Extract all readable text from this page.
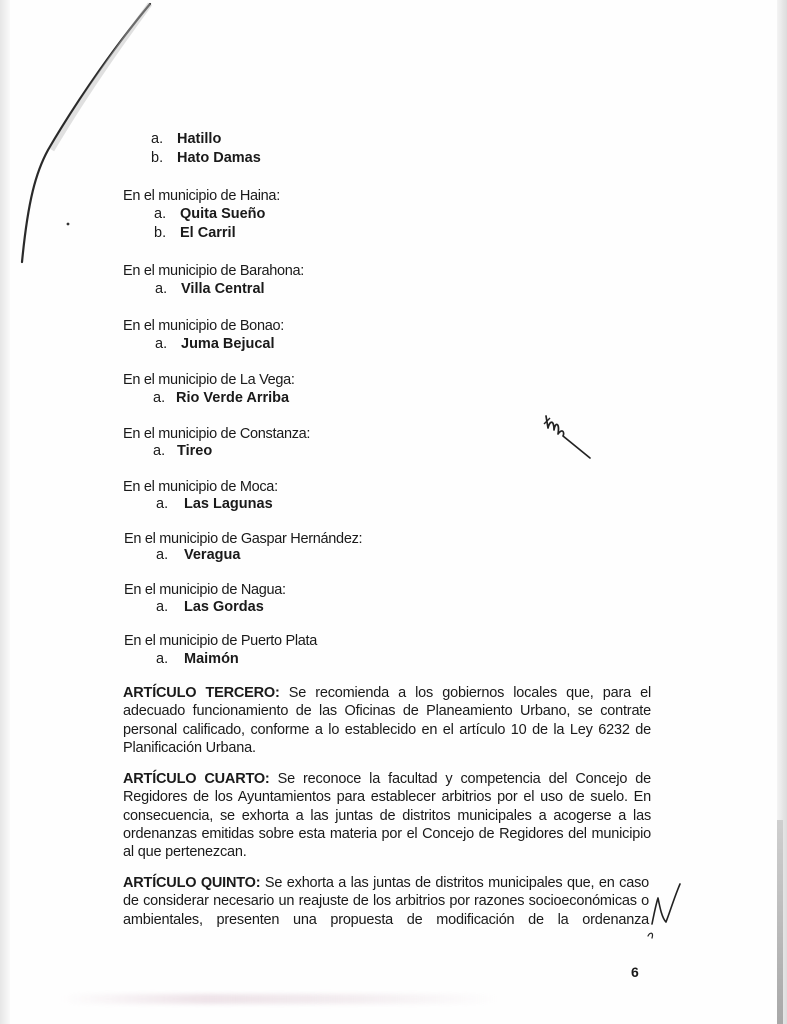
a. Hatillo
b. Hato Damas
En el municipio de Haina:
a. Quita Sueño
b. El Carril
En el municipio de Barahona:
a. Villa Central
En el municipio de Bonao:
a. Juma Bejucal
En el municipio de La Vega:
a. Rio Verde Arriba
En el municipio de Constanza:
a. Tireo
En el municipio de Moca:
a. Las Lagunas
En el municipio de Gaspar Hernández:
a. Veragua
En el municipio de Nagua:
a. Las Gordas
En el municipio de Puerto Plata
a. Maimón
ARTÍCULO TERCERO: Se recomienda a los gobiernos locales que, para el adecuado funcionamiento de las Oficinas de Planeamiento Urbano, se contrate personal calificado, conforme a lo establecido en el artículo 10 de la Ley 6232 de Planificación Urbana.
ARTÍCULO CUARTO: Se reconoce la facultad y competencia del Concejo de Regidores de los Ayuntamientos para establecer arbitrios por el uso de suelo. En consecuencia, se exhorta a las juntas de distritos municipales a acogerse a las ordenanzas emitidas sobre esta materia por el Concejo de Regidores del municipio al que pertenezcan.
ARTÍCULO QUINTO: Se exhorta a las juntas de distritos municipales que, en caso de considerar necesario un reajuste de los arbitrios por razones socioeconómicas o ambientales, presenten una propuesta de modificación de la ordenanza
6
